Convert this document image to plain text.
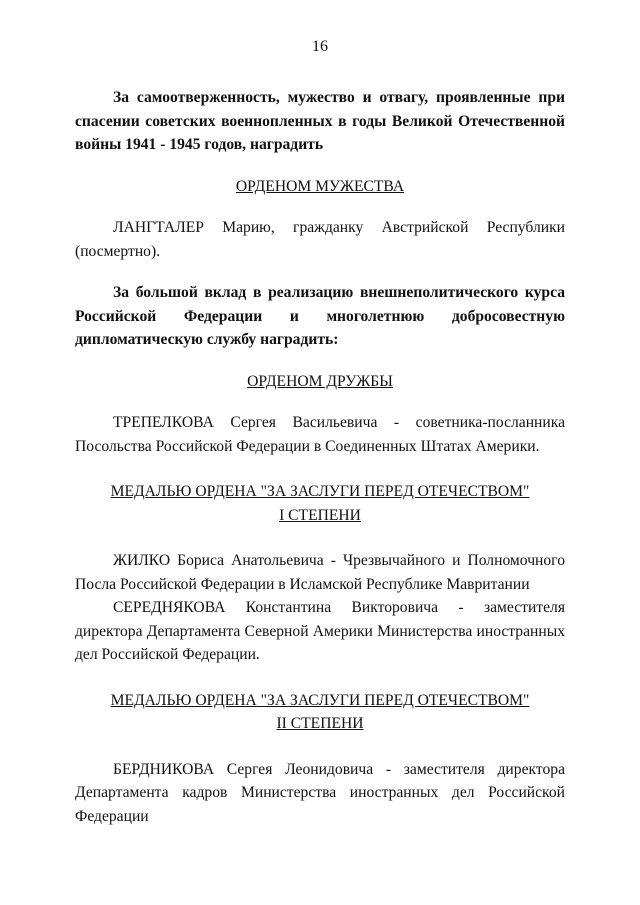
16

За самоотверженность, мужество и отвагу, проявленные при спасении советских военнопленных в годы Великой Отечественной войны 1941 - 1945 годов, наградить

ОРДЕНОМ МУЖЕСТВА

ЛАНГТАЛЕР Марию, гражданку Австрийской Республики (посмертно).

За большой вклад в реализацию внешнеполитического курса Российской Федерации и многолетнюю добросовестную дипломатическую службу наградить:

ОРДЕНОМ ДРУЖБЫ

ТРЕПЕЛКОВА Сергея Васильевича - советника-посланника Посольства Российской Федерации в Соединенных Штатах Америки.

МЕДАЛЬЮ ОРДЕНА "ЗА ЗАСЛУГИ ПЕРЕД ОТЕЧЕСТВОМ"

I СТЕПЕНИ

ЖИЛКО Бориса Анатольевича - Чрезвычайного и Полномочного Посла Российской Федерации в Исламской Республике Мавритании

СЕРЕДНЯКОВА Константина Викторовича - заместителя директора Департамента Северной Америки Министерства иностранных дел Российской Федерации.

МЕДАЛЬЮ ОРДЕНА "ЗА ЗАСЛУГИ ПЕРЕД ОТЕЧЕСТВОМ"

II СТЕПЕНИ

БЕРДНИКОВА Сергея Леонидовича - заместителя директора Департамента кадров Министерства иностранных дел Российской Федерации
